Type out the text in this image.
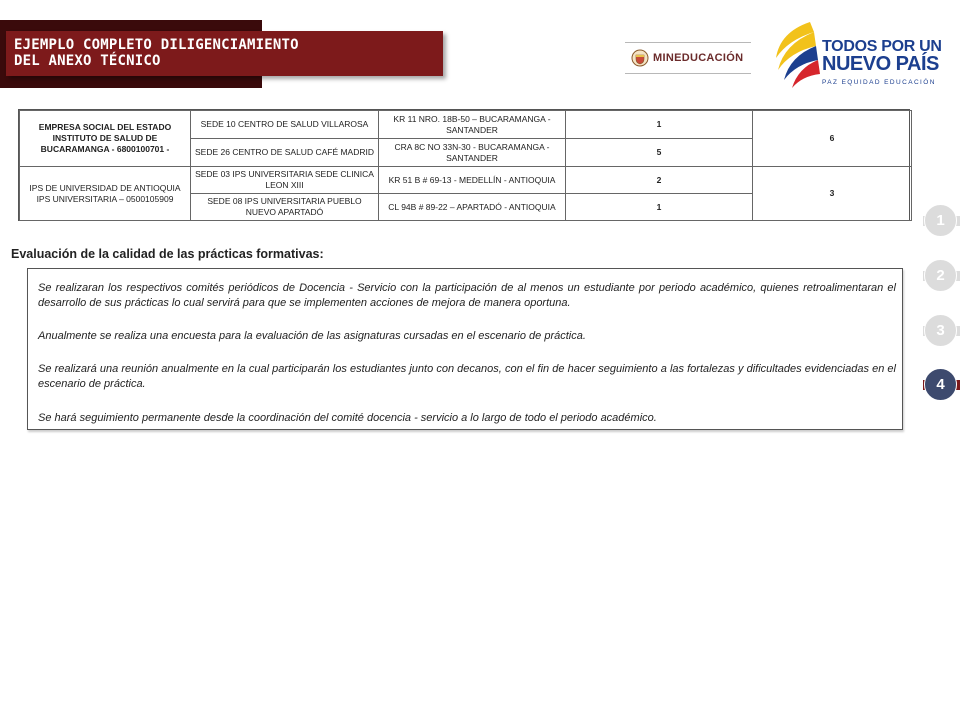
EJEMPLO COMPLETO DILIGENCIAMIENTO
DEL ANEXO TÉCNICO	MINEDUCACIÓN
TODOS POR UN
NUEVO PAÍS
PAZ EQUIDAD EDUCACIÓN
EMPRESA SOCIAL DEL ESTADO INSTITUTO DE SALUD DE BUCARAMANGA - 6800100701 -	SEDE 10 CENTRO DE SALUD VILLAROSA	KR 11 NRO. 18B-50 – BUCARAMANGA - SANTANDER	1	6
	SEDE 26 CENTRO DE SALUD CAFÉ MADRID	CRA 8C NO 33N-30 - BUCARAMANGA - SANTANDER	5	
IPS DE UNIVERSIDAD DE ANTIOQUIA IPS UNIVERSITARIA – 0500105909	SEDE 03 IPS UNIVERSITARIA SEDE CLINICA LEON XIII	KR 51 B # 69-13 - MEDELLÍN - ANTIOQUIA	2	3
	SEDE 08 IPS UNIVERSITARIA PUEBLO NUEVO APARTADÓ	CL 94B # 89-22 – APARTADÓ - ANTIOQUIA	1	
Evaluación de la calidad de las prácticas formativas:

Se realizaran los respectivos comités periódicos de Docencia - Servicio con la participación de al menos un estudiante por periodo académico, quienes retroalimentaran el desarrollo de sus prácticas lo cual servirá para que se implementen acciones de mejora de manera oportuna.

Anualmente se realiza una encuesta para la evaluación de las asignaturas cursadas en el escenario de práctica.

Se realizará una reunión anualmente en la cual participarán los estudiantes junto con decanos, con el fin de hacer seguimiento a las fortalezas y dificultades evidenciadas en el escenario de práctica.

Se hará seguimiento permanente desde la coordinación del comité docencia - servicio a lo largo de todo el periodo académico.

1
2
3
4
